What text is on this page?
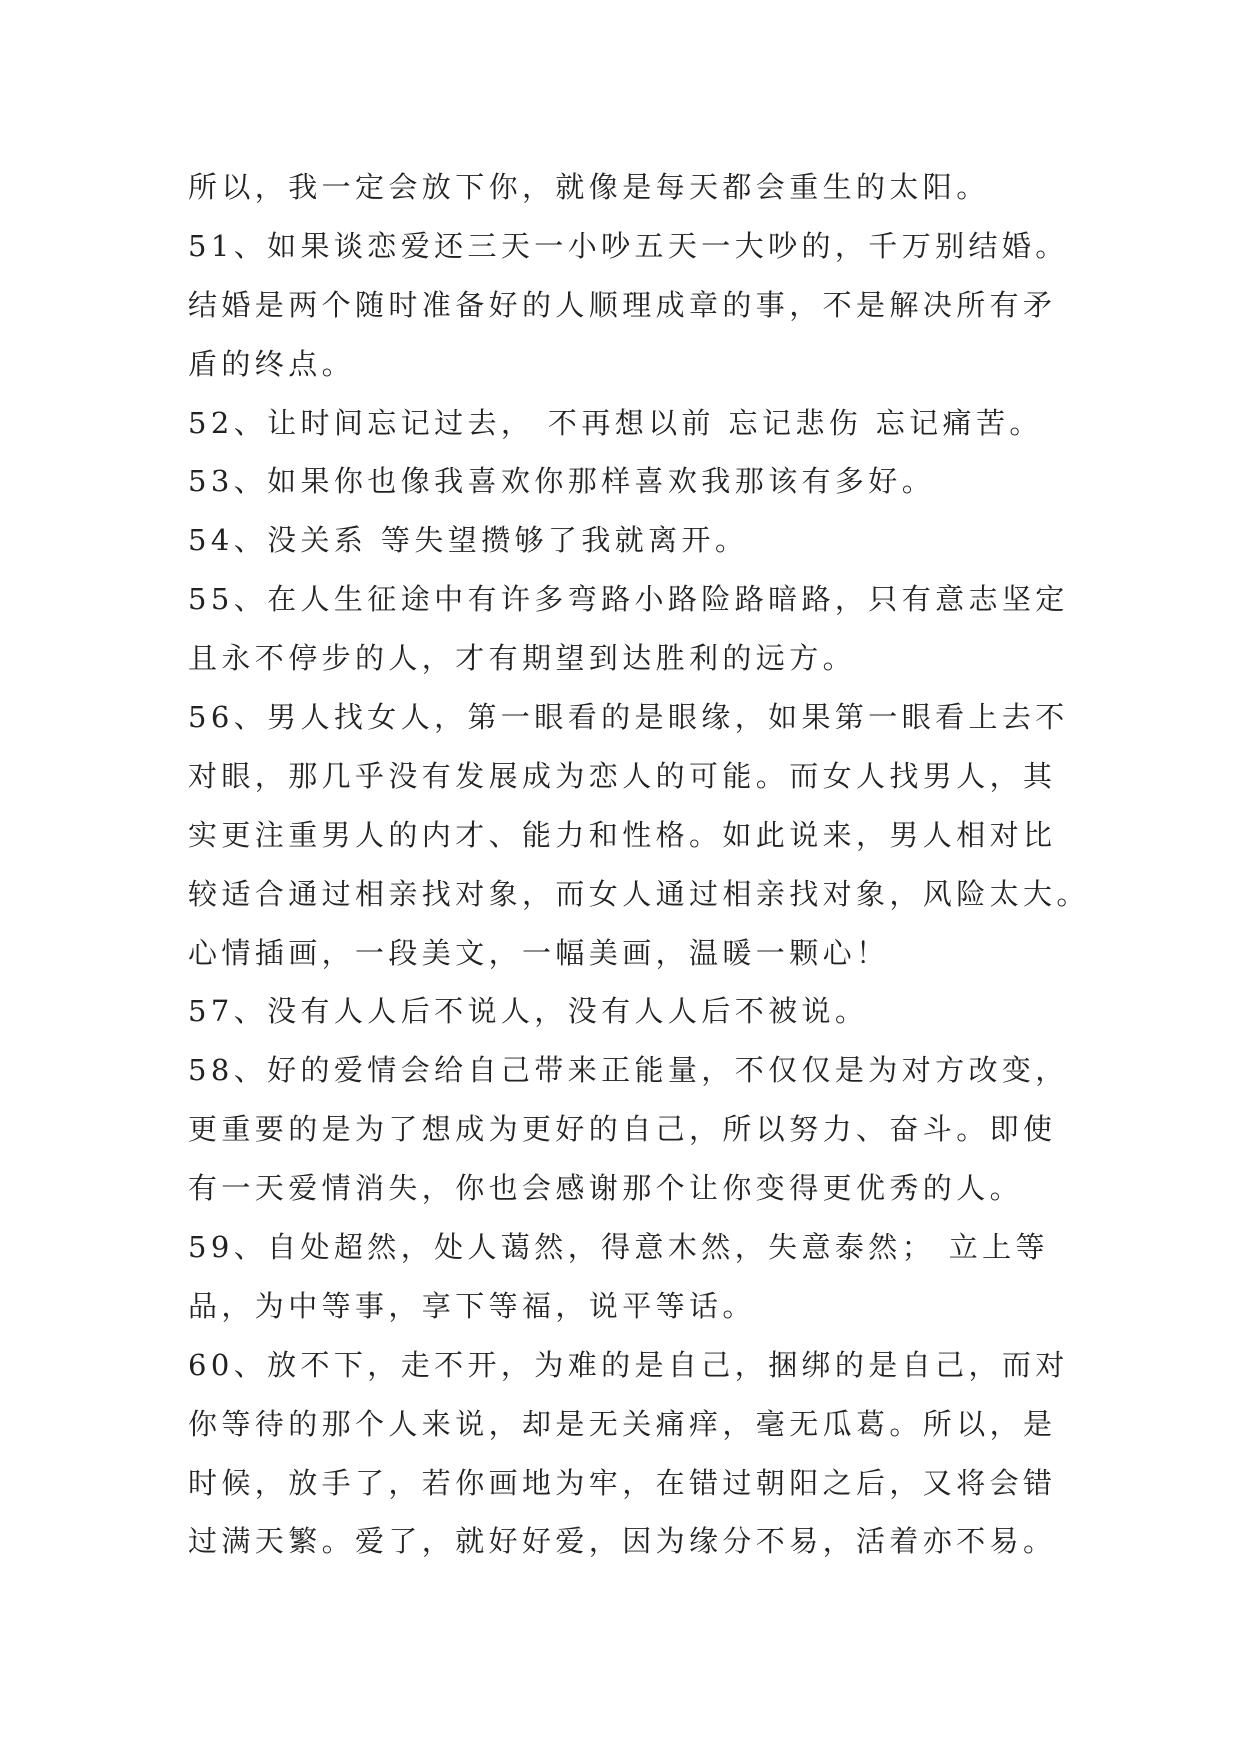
所以，我一定会放下你，就像是每天都会重生的太阳。
51、如果谈恋爱还三天一小吵五天一大吵的，千万别结婚。
结婚是两个随时准备好的人顺理成章的事，不是解决所有矛
盾的终点。
52、让时间忘记过去， 不再想以前 忘记悲伤 忘记痛苦。
53、如果你也像我喜欢你那样喜欢我那该有多好。
54、没关系 等失望攒够了我就离开。
55、在人生征途中有许多弯路小路险路暗路，只有意志坚定
且永不停步的人，才有期望到达胜利的远方。
56、男人找女人，第一眼看的是眼缘，如果第一眼看上去不
对眼，那几乎没有发展成为恋人的可能。而女人找男人，其
实更注重男人的内才、能力和性格。如此说来，男人相对比
较适合通过相亲找对象，而女人通过相亲找对象，风险太大。
心情插画，一段美文，一幅美画，温暖一颗心！
57、没有人人后不说人，没有人人后不被说。
58、好的爱情会给自己带来正能量，不仅仅是为对方改变，
更重要的是为了想成为更好的自己，所以努力、奋斗。即使
有一天爱情消失，你也会感谢那个让你变得更优秀的人。
59、自处超然，处人蔼然，得意木然，失意泰然； 立上等
品，为中等事，享下等福，说平等话。
60、放不下，走不开，为难的是自己，捆绑的是自己，而对
你等待的那个人来说，却是无关痛痒，毫无瓜葛。所以，是
时候，放手了，若你画地为牢，在错过朝阳之后，又将会错
过满天繁。爱了，就好好爱，因为缘分不易，活着亦不易。
